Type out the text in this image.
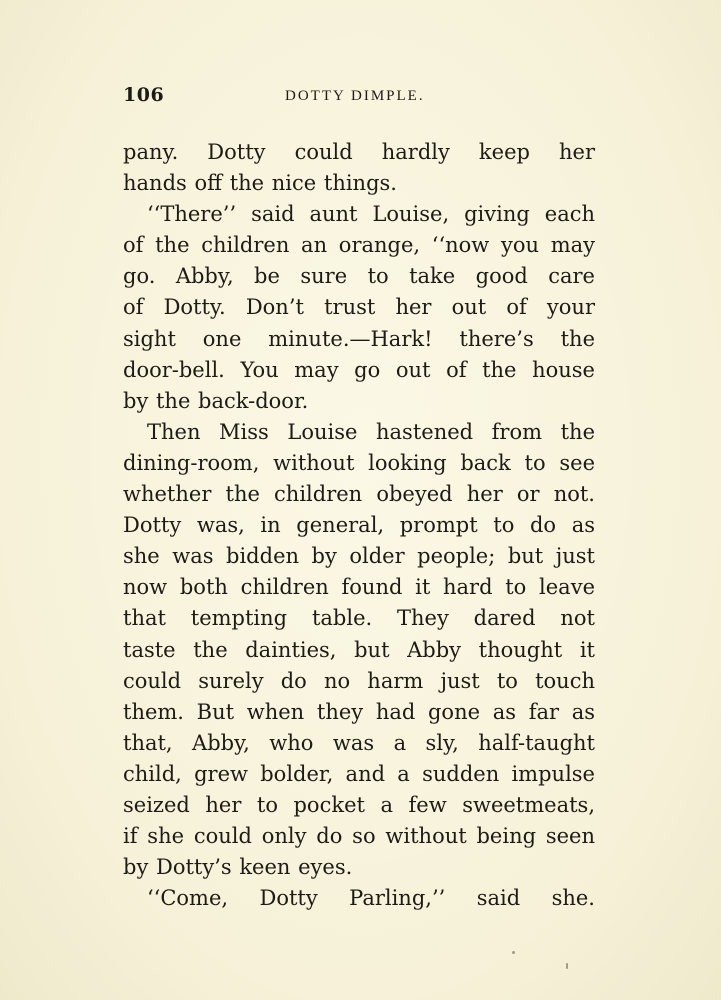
106	DOTTY DIMPLE.
pany. Dotty could hardly keep her
hands off the nice things.
‘‘There’’ said aunt Louise, giving each
of the children an orange, ‘‘now you may
go. Abby, be sure to take good care
of Dotty. Don’t trust her out of your
sight one minute.—Hark! there’s the
door-bell. You may go out of the house
by the back-door.
Then Miss Louise hastened from the
dining-room, without looking back to see
whether the children obeyed her or not.
Dotty was, in general, prompt to do as
she was bidden by older people; but just
now both children found it hard to leave
that tempting table. They dared not
taste the dainties, but Abby thought it
could surely do no harm just to touch
them. But when they had gone as far as
that, Abby, who was a sly, half-taught
child, grew bolder, and a sudden impulse
seized her to pocket a few sweetmeats,
if she could only do so without being seen
by Dotty’s keen eyes.
‘‘Come, Dotty Parling,’’ said she.
